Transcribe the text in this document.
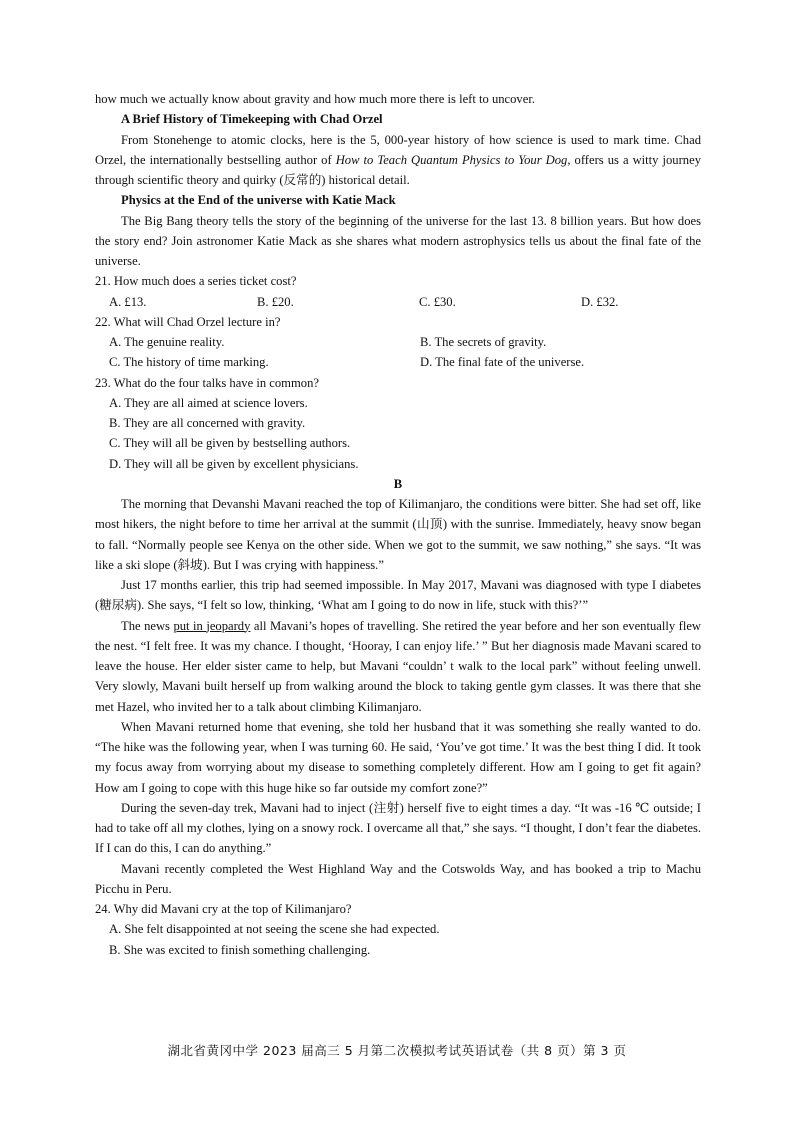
how much we actually know about gravity and how much more there is left to uncover.

A Brief History of Timekeeping with Chad Orzel

From Stonehenge to atomic clocks, here is the 5, 000-year history of how science is used to mark time. Chad Orzel, the internationally bestselling author of How to Teach Quantum Physics to Your Dog, offers us a witty journey through scientific theory and quirky (反常的) historical detail.

Physics at the End of the universe with Katie Mack

The Big Bang theory tells the story of the beginning of the universe for the last 13. 8 billion years. But how does the story end? Join astronomer Katie Mack as she shares what modern astrophysics tells us about the final fate of the universe.

21. How much does a series ticket cost?

A. £13.	B. £20.	C. £30.	D. £32.

22. What will Chad Orzel lecture in?

A. The genuine reality.	B. The secrets of gravity.
C. The history of time marking.	D. The final fate of the universe.

23. What do the four talks have in common?

A. They are all aimed at science lovers.

B. They are all concerned with gravity.

C. They will all be given by bestselling authors.

D. They will all be given by excellent physicians.

B

The morning that Devanshi Mavani reached the top of Kilimanjaro, the conditions were bitter. She had set off, like most hikers, the night before to time her arrival at the summit (山顶) with the sunrise. Immediately, heavy snow began to fall. “Normally people see Kenya on the other side. When we got to the summit, we saw nothing,” she says. “It was like a ski slope (斜坡). But I was crying with happiness.”

Just 17 months earlier, this trip had seemed impossible. In May 2017, Mavani was diagnosed with type I diabetes (糖尿病). She says, “I felt so low, thinking, ‘What am I going to do now in life, stuck with this?’”

The news put in jeopardy all Mavani’s hopes of travelling. She retired the year before and her son eventually flew the nest. “I felt free. It was my chance. I thought, ‘Hooray, I can enjoy life.’ ” But her diagnosis made Mavani scared to leave the house. Her elder sister came to help, but Mavani “couldn’ t walk to the local park” without feeling unwell. Very slowly, Mavani built herself up from walking around the block to taking gentle gym classes. It was there that she met Hazel, who invited her to a talk about climbing Kilimanjaro.

When Mavani returned home that evening, she told her husband that it was something she really wanted to do. “The hike was the following year, when I was turning 60. He said, ‘You’ve got time.’ It was the best thing I did. It took my focus away from worrying about my disease to something completely different. How am I going to get fit again? How am I going to cope with this huge hike so far outside my comfort zone?”

During the seven-day trek, Mavani had to inject (注射) herself five to eight times a day. “It was -16 ℃ outside; I had to take off all my clothes, lying on a snowy rock. I overcame all that,” she says. “I thought, I don’t fear the diabetes. If I can do this, I can do anything.”

Mavani recently completed the West Highland Way and the Cotswolds Way, and has booked a trip to Machu Picchu in Peru.

24. Why did Mavani cry at the top of Kilimanjaro?

A. She felt disappointed at not seeing the scene she had expected.

B. She was excited to finish something challenging.

湖北省黄冈中学 2023 届高三 5 月第二次模拟考试英语试卷（共 8 页）第 3 页
